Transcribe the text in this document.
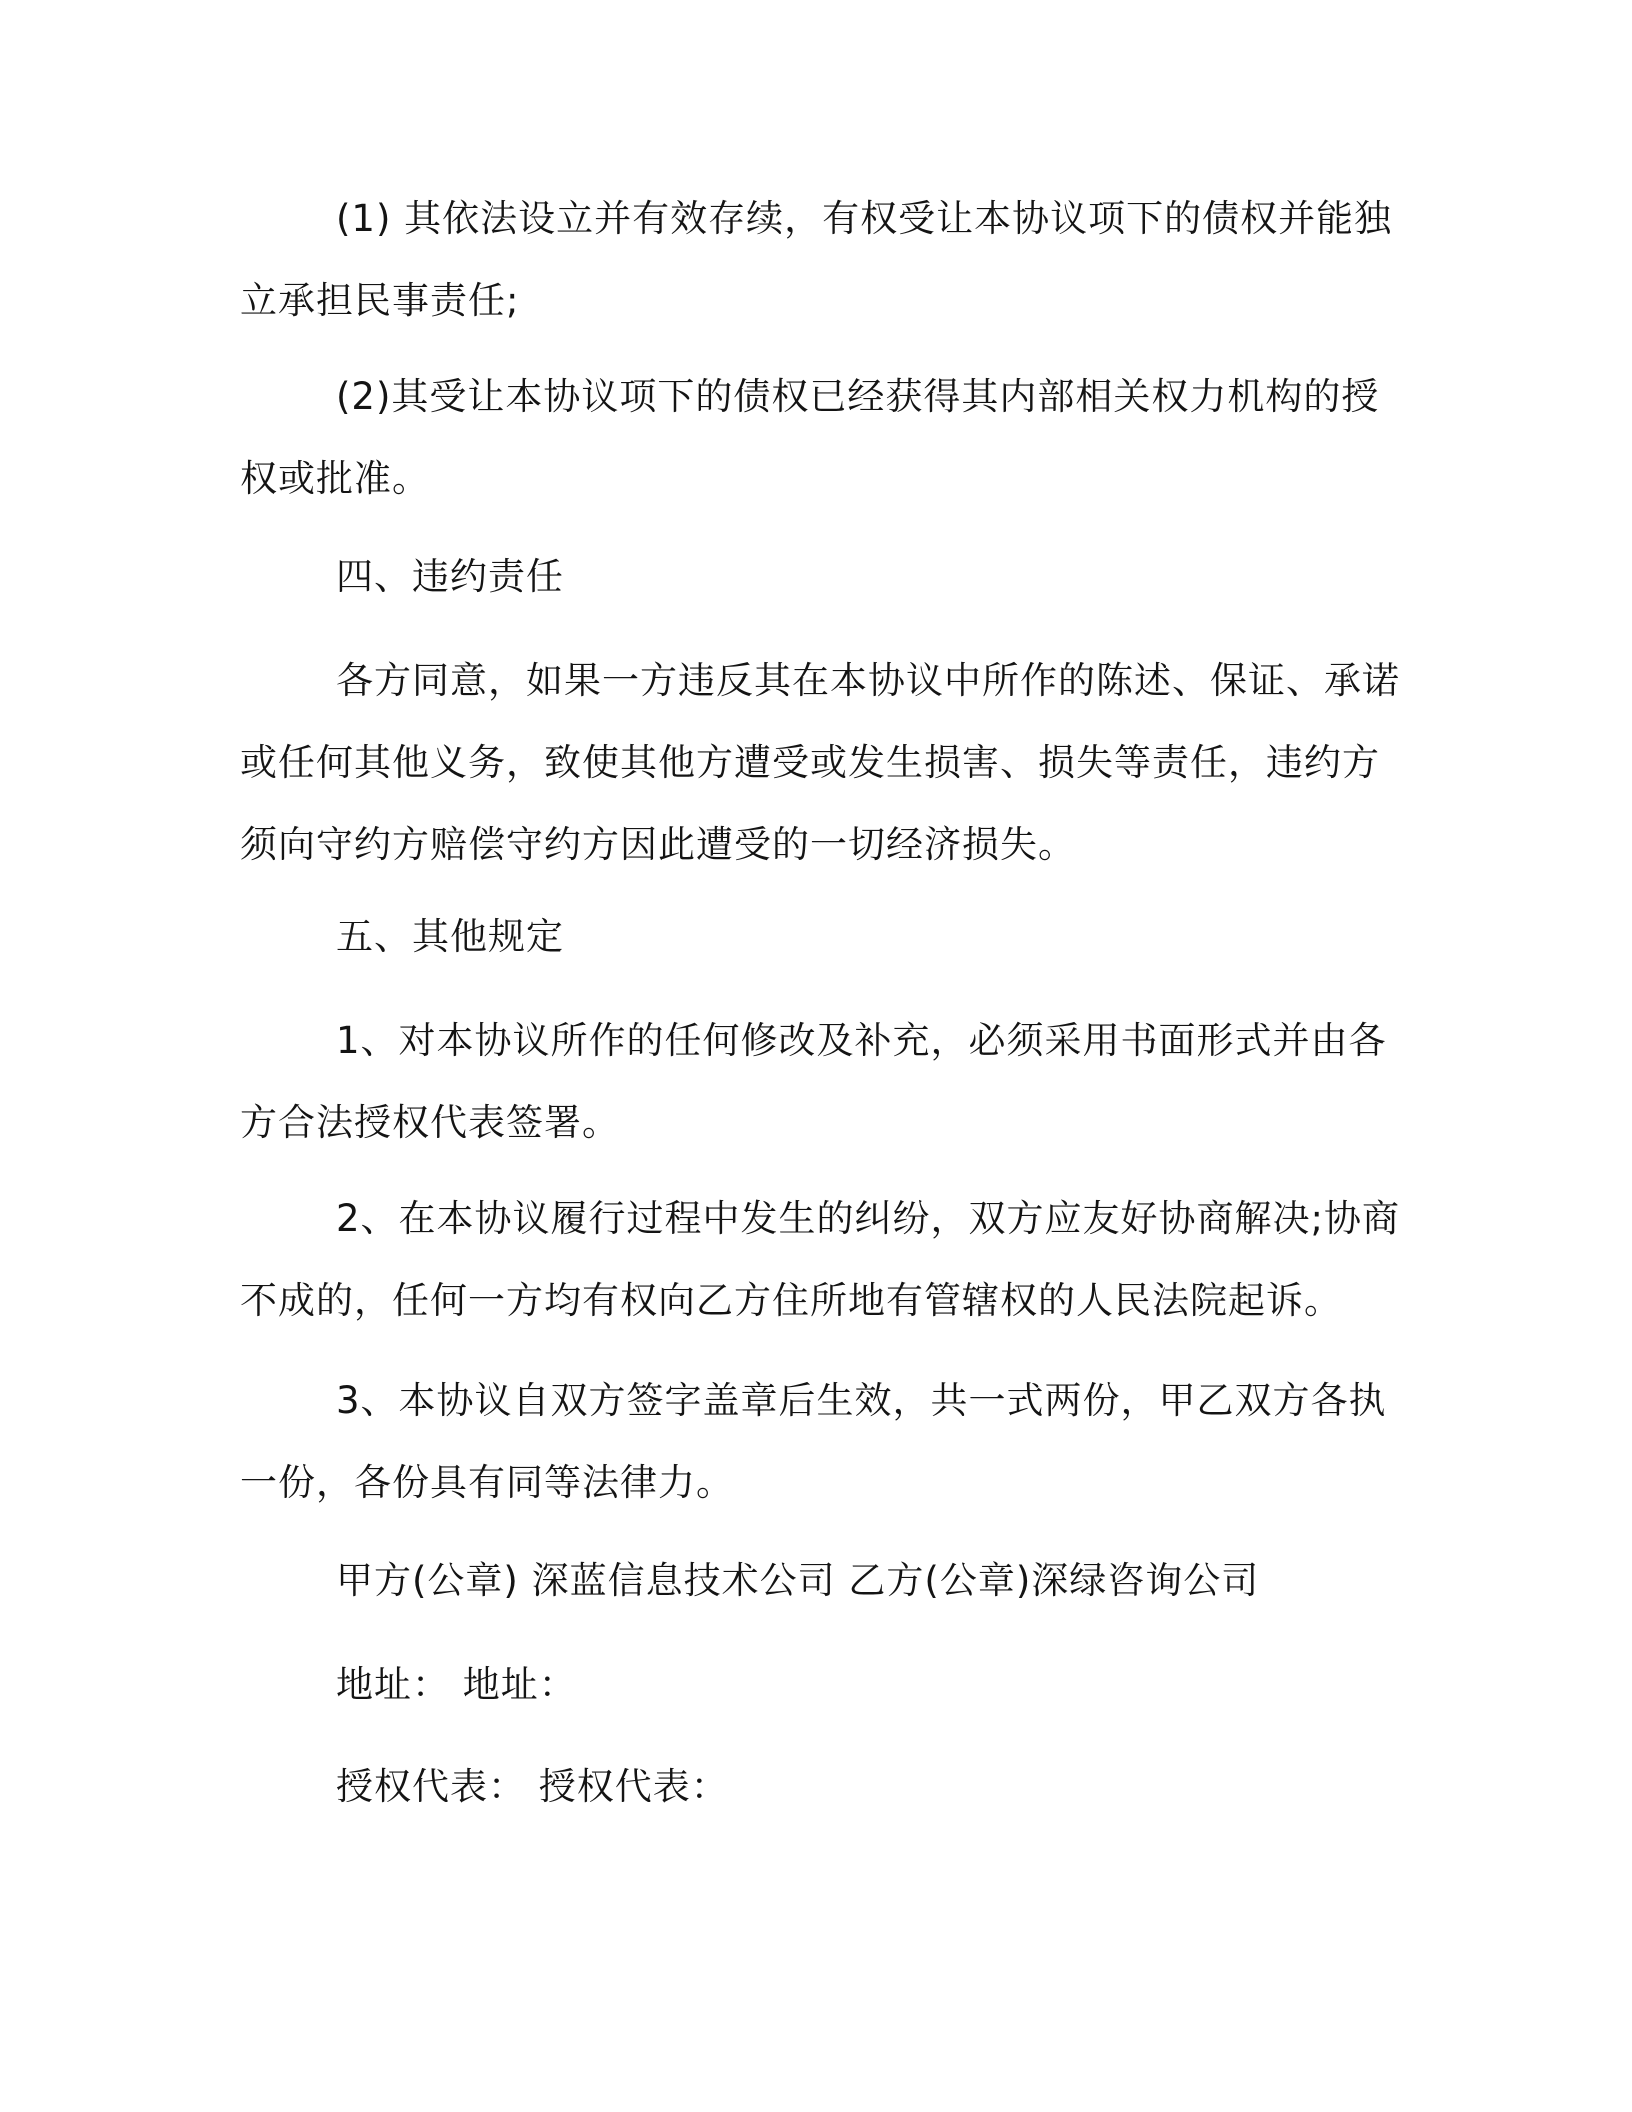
(1) 其依法设立并有效存续，有权受让本协议项下的债权并能独立承担民事责任;

(2)其受让本协议项下的债权已经获得其内部相关权力机构的授权或批准。

四、违约责任

各方同意，如果一方违反其在本协议中所作的陈述、保证、承诺或任何其他义务，致使其他方遭受或发生损害、损失等责任，违约方须向守约方赔偿守约方因此遭受的一切经济损失。

五、其他规定

1、对本协议所作的任何修改及补充，必须采用书面形式并由各方合法授权代表签署。

2、在本协议履行过程中发生的纠纷，双方应友好协商解决;协商不成的，任何一方均有权向乙方住所地有管辖权的人民法院起诉。

3、本协议自双方签字盖章后生效，共一式两份，甲乙双方各执一份，各份具有同等法律力。

甲方(公章) 深蓝信息技术公司 乙方(公章)深绿咨询公司

地址： 地址：

授权代表： 授权代表：
